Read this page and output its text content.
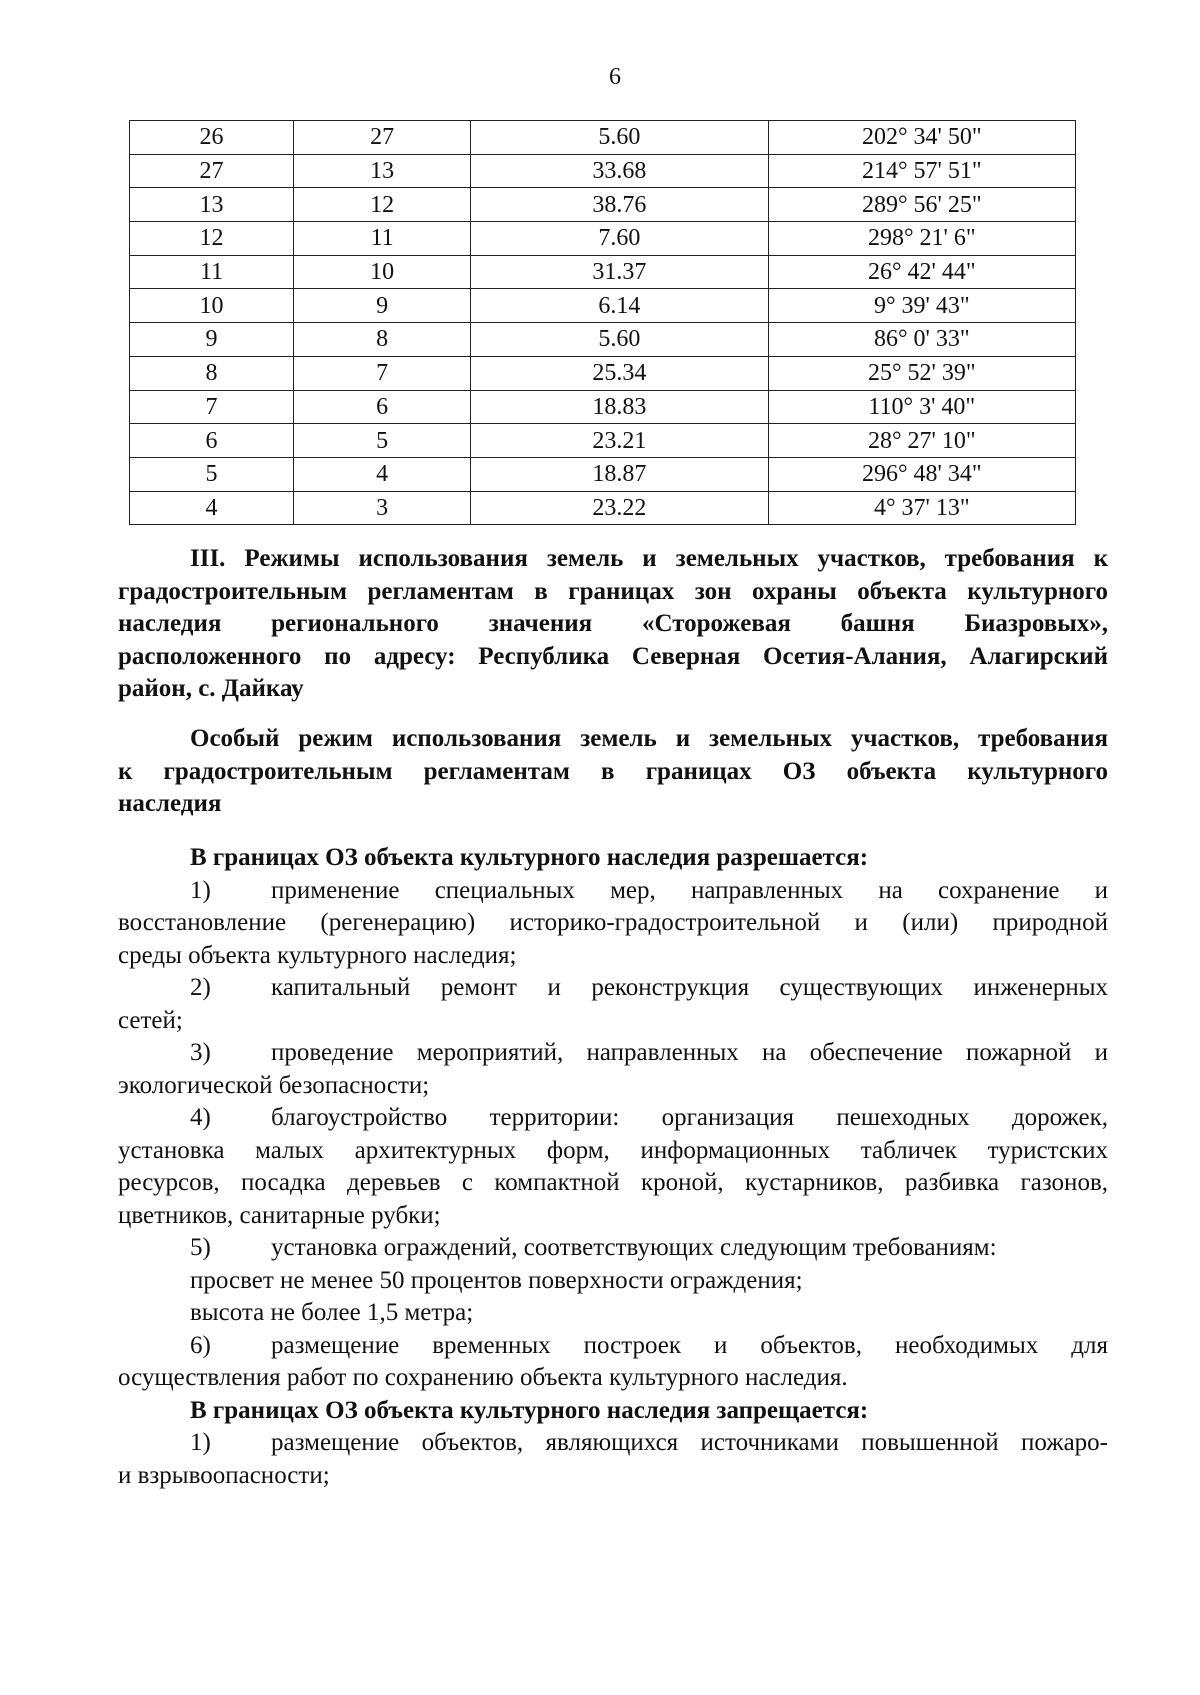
6
26	27	5.60	202° 34' 50"
27	13	33.68	214° 57' 51"
13	12	38.76	289° 56' 25"
12	11	7.60	298° 21' 6"
11	10	31.37	26° 42' 44"
10	9	6.14	9° 39' 43"
9	8	5.60	86° 0' 33"
8	7	25.34	25° 52' 39"
7	6	18.83	110° 3' 40"
6	5	23.21	28° 27' 10"
5	4	18.87	296° 48' 34"
4	3	23.22	4° 37' 13"
III. Режимы использования земель и земельных участков, требования к
градостроительным регламентам в границах зон охраны объекта культурного
наследия регионального значения «Сторожевая башня Биазровых»,
расположенного по адресу: Республика Северная Осетия-Алания, Алагирский
район, с. Дайкау
Особый режим использования земель и земельных участков, требования
к градостроительным регламентам в границах ОЗ объекта культурного
наследия
В границах ОЗ объекта культурного наследия разрешается:
1) применение специальных мер, направленных на сохранение и
восстановление (регенерацию) историко-градостроительной и (или) природной
среды объекта культурного наследия;
2) капитальный ремонт и реконструкция существующих инженерных
сетей;
3) проведение мероприятий, направленных на обеспечение пожарной и
экологической безопасности;
4) благоустройство территории: организация пешеходных дорожек,
установка малых архитектурных форм, информационных табличек туристских
ресурсов, посадка деревьев с компактной кроной, кустарников, разбивка газонов,
цветников, санитарные рубки;
5) установка ограждений, соответствующих следующим требованиям:
просвет не менее 50 процентов поверхности ограждения;
высота не более 1,5 метра;
6) размещение временных построек и объектов, необходимых для
осуществления работ по сохранению объекта культурного наследия.
В границах ОЗ объекта культурного наследия запрещается:
1) размещение объектов, являющихся источниками повышенной пожаро-
и взрывоопасности;
